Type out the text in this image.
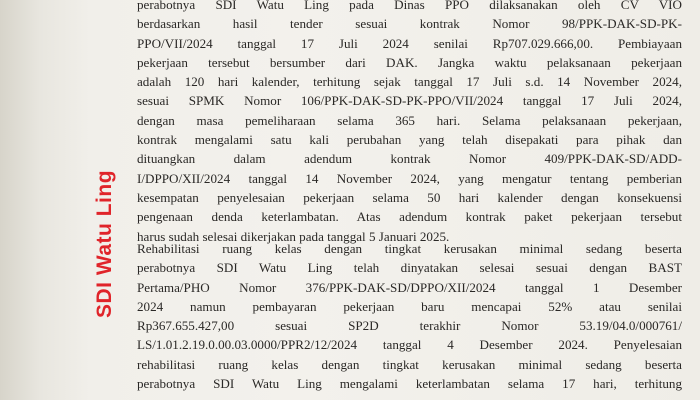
SDI Watu Ling
perabotnya SDI Watu Ling pada Dinas PPO dilaksanakan oleh CV VIO
berdasarkan hasil tender sesuai kontrak Nomor 98/PPK-DAK-SD-PK-
PPO/VII/2024 tanggal 17 Juli 2024 senilai Rp707.029.666,00. Pembiayaan
pekerjaan tersebut bersumber dari DAK. Jangka waktu pelaksanaan pekerjaan
adalah 120 hari kalender, terhitung sejak tanggal 17 Juli s.d. 14 November 2024,
sesuai SPMK Nomor 106/PPK-DAK-SD-PK-PPO/VII/2024 tanggal 17 Juli 2024,
dengan masa pemeliharaan selama 365 hari. Selama pelaksanaan pekerjaan,
kontrak mengalami satu kali perubahan yang telah disepakati para pihak dan
dituangkan dalam adendum kontrak Nomor 409/PPK-DAK-SD/ADD-
I/DPPO/XII/2024 tanggal 14 November 2024, yang mengatur tentang pemberian
kesempatan penyelesaian pekerjaan selama 50 hari kalender dengan konsekuensi
pengenaan denda keterlambatan. Atas adendum kontrak paket pekerjaan tersebut
harus sudah selesai dikerjakan pada tanggal 5 Januari 2025.
Rehabilitasi ruang kelas dengan tingkat kerusakan minimal sedang beserta
perabotnya SDI Watu Ling telah dinyatakan selesai sesuai dengan BAST
Pertama/PHO Nomor 376/PPK-DAK-SD/DPPO/XII/2024 tanggal 1 Desember
2024 namun pembayaran pekerjaan baru mencapai 52% atau senilai
Rp367.655.427,00 sesuai SP2D terakhir Nomor 53.19/04.0/000761/
LS/1.01.2.19.0.00.03.0000/PPR2/12/2024 tanggal 4 Desember 2024. Penyelesaian
rehabilitasi ruang kelas dengan tingkat kerusakan minimal sedang beserta
perabotnya SDI Watu Ling mengalami keterlambatan selama 17 hari, terhitung
